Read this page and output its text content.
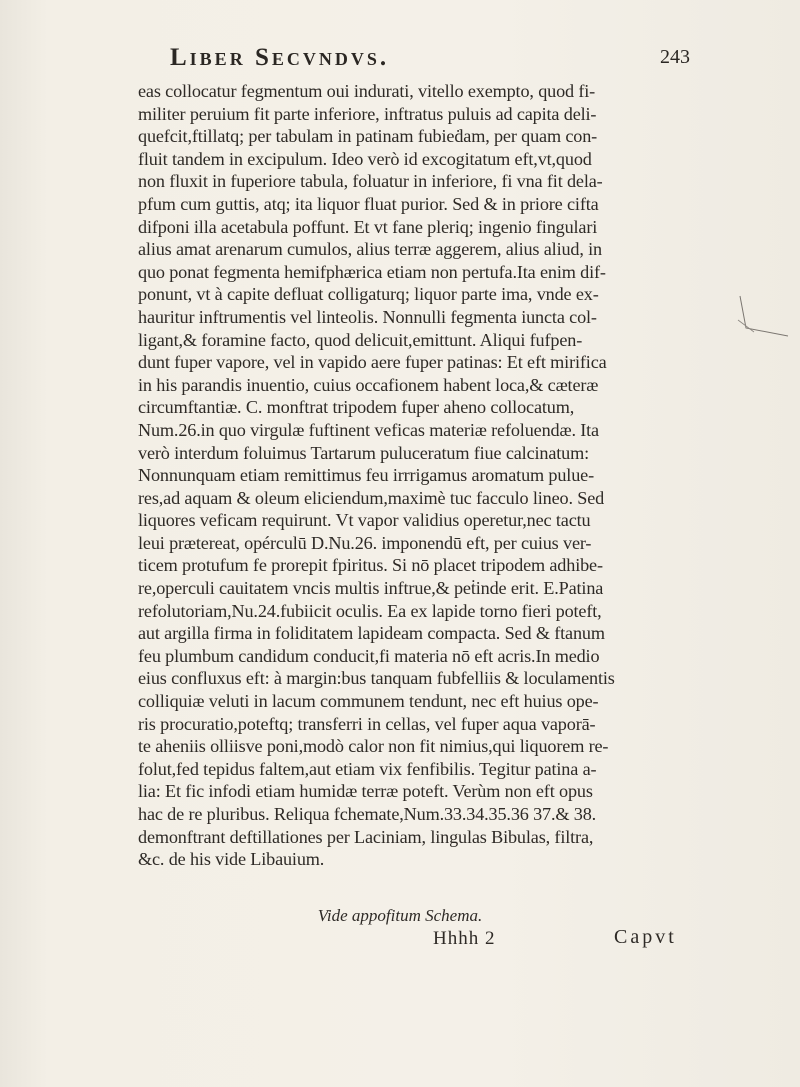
Liber Secvndvs.	243
eas collocatur fegmentum oui indurati, vitello exempto, quod fi-
militer peruium fit parte inferiore, inftratus puluis ad capita deli-
quefcit,ftillatq; per tabulam in patinam fubieḋam, per quam con-
fluit tandem in excipulum. Ideo verò id excogitatum eft,vt,quod
non fluxit in fuperiore tabula, foluatur in inferiore, fi vna fit dela-
pfum cum guttis, atq; ita liquor fluat purior. Sed & in priore cifta
difponi illa acetabula poffunt. Et vt fane pleriq; ingenio fingulari
alius amat arenarum cumulos, alius terræ aggerem, alius aliud, in
quo ponat fegmenta hemifphærica etiam non pertufa.Ita enim dif-
ponunt, vt à capite defluat colligaturq; liquor parte ima, vnde ex-
hauritur inftrumentis vel linteolis. Nonnulli fegmenta iuncta col-
ligant,& foramine facto, quod delicuit,emittunt. Aliqui fufpen-
dunt fuper vapore, vel in vapido aere fuper patinas: Et eft mirifica
in his parandis inuentio, cuius occafionem habent loca,& cæteræ
circumftantiæ. C. monftrat tripodem fuper aheno collocatum,
Num.26.in quo virgulæ fuftinent veficas materiæ refoluendæ. Ita
verò interdum foluimus Tartarum puluceratum fiue calcinatum:
Nonnunquam etiam remittimus feu irrrigamus aromatum pulue-
res,ad aquam & oleum eliciendum,maximè tuc facculo lineo. Sed
liquores veficam requirunt. Vt vapor validius operetur,nec tactu
leui prætereat, opérculū D.Nu.26. imponendū eft, per cuius ver-
ticem protufum fe prorepit fpiritus. Si nō placet tripodem adhibe-
re,operculi cauitatem vncis multis inftrue,& peṫinde erit. E.Patina
refolutoriam,Nu.24.fubiicit oculis. Ea ex lapide torno fieri poteft,
aut argilla firma in foliditatem lapideam compacta. Sed & ftanum
feu plumbum candidum conducit,fi materia nō eft acris.In medio
eius confluxus eft: à margin:bus tanquam fubfelliis & loculamentis
colliquiæ veluti in lacum communem tendunt, nec eft huius ope-
ris procuratio,poteftq; transferri in cellas, vel fuper aqua vaporā-
te aheniis olliisve poni,modò calor non fit nimius,qui liquorem re-
folut,fed tepidus faltem,aut etiam vix fenfibilis. Tegitur patina a-
lia: Et fic infodi etiam humidæ terræ poteft. Verùm non eft opus
hac de re pluribus. Reliqua fchemate,Num.33.34.35.36 37.& 38.
demonftrant deftillationes per Laciniam, lingulas Bibulas, filtra,
&c. de his vide Libauium.
Vide appofitum Schema.
Hhhh 2	Capvt
